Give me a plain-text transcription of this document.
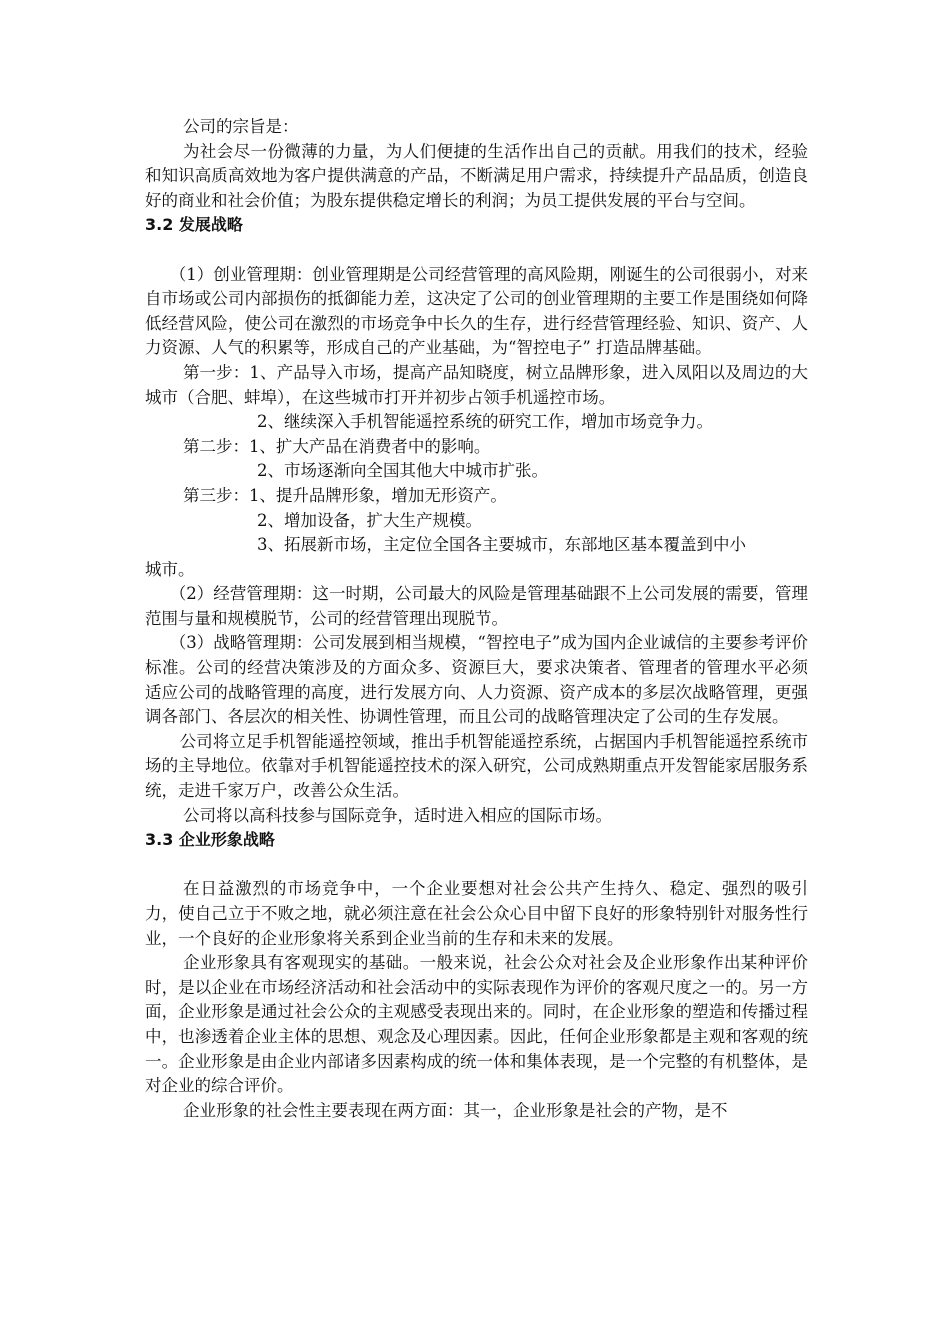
公司的宗旨是：

为社会尽一份微薄的力量，为人们便捷的生活作出自己的贡献。用我们的技术，经验和知识高质高效地为客户提供满意的产品，不断满足用户需求，持续提升产品品质，创造良好的商业和社会价值；为股东提供稳定增长的利润；为员工提供发展的平台与空间。

3.2 发展战略

（1）创业管理期：创业管理期是公司经营管理的高风险期，刚诞生的公司很弱小，对来自市场或公司内部损伤的抵御能力差，这决定了公司的创业管理期的主要工作是围绕如何降低经营风险，使公司在激烈的市场竞争中长久的生存，进行经营管理经验、知识、资产、人力资源、人气的积累等，形成自己的产业基础，为“智控电子” 打造品牌基础。

第一步：1、产品导入市场，提高产品知晓度，树立品牌形象，进入凤阳以及周边的大城市（合肥、蚌埠），在这些城市打开并初步占领手机遥控市场。

2、继续深入手机智能遥控系统的研究工作，增加市场竞争力。

第二步：1、扩大产品在消费者中的影响。

2、市场逐渐向全国其他大中城市扩张。

第三步：1、提升品牌形象，增加无形资产。

2、增加设备，扩大生产规模。

3、拓展新市场，主定位全国各主要城市，东部地区基本覆盖到中小

城市。

（2）经营管理期：这一时期，公司最大的风险是管理基础跟不上公司发展的需要，管理范围与量和规模脱节，公司的经营管理出现脱节。

（3）战略管理期：公司发展到相当规模，“智控电子”成为国内企业诚信的主要参考评价标准。公司的经营决策涉及的方面众多、资源巨大，要求决策者、管理者的管理水平必须 适应公司的战略管理的高度，进行发展方向、人力资源、资产成本的多层次战略管理，更强调各部门、各层次的相关性、协调性管理，而且公司的战略管理决定了公司的生存发展。

公司将立足手机智能遥控领域，推出手机智能遥控系统，占据国内手机智能遥控系统市场的主导地位。依靠对手机智能遥控技术的深入研究，公司成熟期重点开发智能家居服务系统，走进千家万户，改善公众生活。

公司将以高科技参与国际竞争，适时进入相应的国际市场。

3.3 企业形象战略

在日益激烈的市场竞争中，一个企业要想对社会公共产生持久、稳定、强烈的吸引力，使自己立于不败之地，就必须注意在社会公众心目中留下良好的形象特别针对服务性行业，一个良好的企业形象将关系到企业当前的生存和未来的发展。

企业形象具有客观现实的基础。一般来说，社会公众对社会及企业形象作出某种评价时，是以企业在市场经济活动和社会活动中的实际表现作为评价的客观尺度之一的。另一方面，企业形象是通过社会公众的主观感受表现出来的。同时，在企业形象的塑造和传播过程中，也渗透着企业主体的思想、观念及心理因素。因此，任何企业形象都是主观和客观的统一。企业形象是由企业内部诸多因素构成的统一体和集体表现，是一个完整的有机整体，是对企业的综合评价。

企业形象的社会性主要表现在两方面：其一，企业形象是社会的产物，是不
